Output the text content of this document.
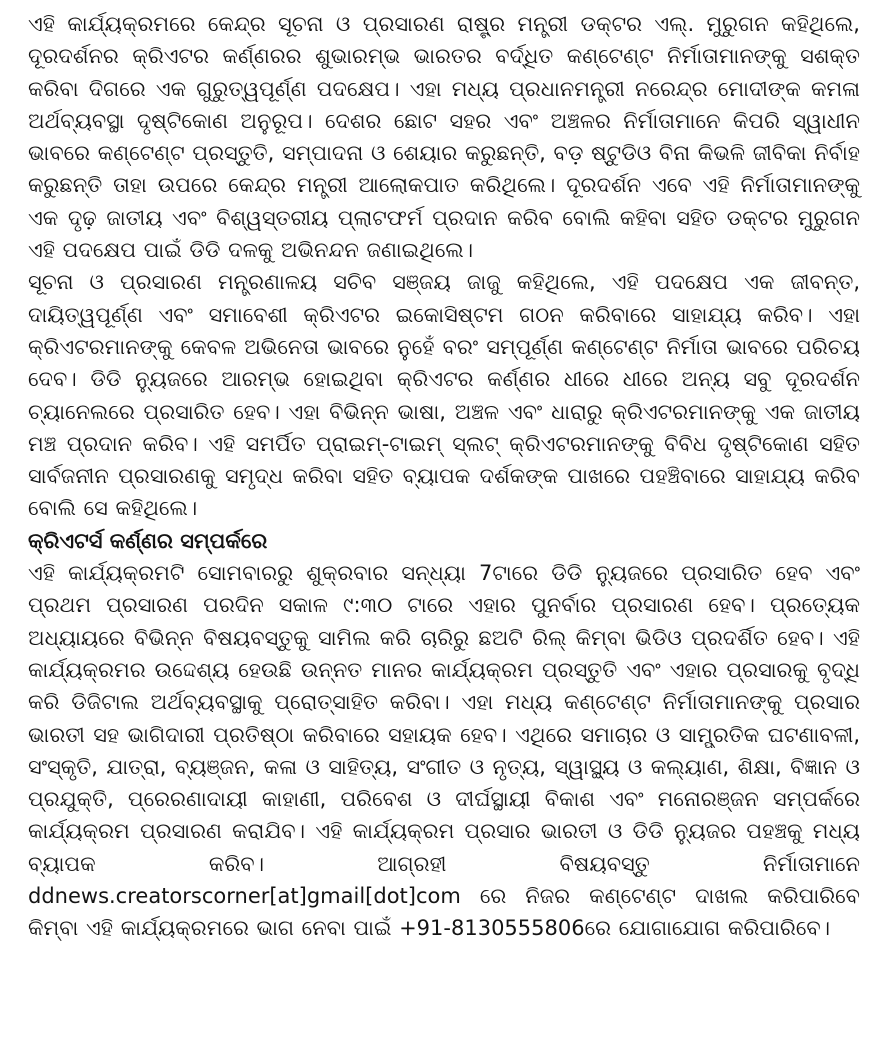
ଏହି କାର୍ଯ୍ୟକ୍ରମରେ କେନ୍ଦ୍ର ସୂଚନା ଓ ପ୍ରସାରଣ ରାଷ୍ଟ୍ର ମନ୍ତ୍ରୀ ଡକ୍ଟର ଏଲ୍. ମୁରୁଗନ କହିଥିଲେ, ଦୂରଦର୍ଶନର କ୍ରିଏଟର କର୍ଣ୍ଣରର ଶୁଭାରମ୍ଭ ଭାରତର ବର୍ଦ୍ଧିତ କଣ୍ଟେଣ୍ଟ ନିର୍ମାତାମାନଙ୍କୁ ସଶକ୍ତ କରିବା ଦିଗରେ ଏକ ଗୁରୁତ୍ୱପୂର୍ଣ୍ଣ ପଦକ୍ଷେପ। ଏହା ମଧ୍ୟ ପ୍ରଧାନମନ୍ତ୍ରୀ ନରେନ୍ଦ୍ର ମୋଦୀଙ୍କ କମଳା ଅର୍ଥବ୍ୟବସ୍ଥା ଦୃଷ୍ଟିକୋଣ ଅନୁରୂପ। ଦେଶର ଛୋଟ ସହର ଏବଂ ଅଞ୍ଚଳର ନିର୍ମାତାମାନେ କିପରି ସ୍ୱାଧୀନ ଭାବରେ କଣ୍ଟେଣ୍ଟ ପ୍ରସ୍ତୁତି, ସମ୍ପାଦନା ଓ ଶେୟାର କରୁଛନ୍ତି, ବଡ଼ ଷ୍ଟୁଡିଓ ବିନା କିଭଳି ଜୀବିକା ନିର୍ବାହ କରୁଛନ୍ତି ତାହା ଉପରେ କେନ୍ଦ୍ର ମନ୍ତ୍ରୀ ଆଲୋକପାତ କରିଥିଲେ। ଦୂରଦର୍ଶନ ଏବେ ଏହି ନିର୍ମାତାମାନଙ୍କୁ ଏକ ଦୃଢ଼ ଜାତୀୟ ଏବଂ ବିଶ୍ୱସ୍ତରୀୟ ପ୍ଲାଟଫର୍ମ ପ୍ରଦାନ କରିବ ବୋଲି କହିବା ସହିତ ଡକ୍ଟର ମୁରୁଗନ ଏହି ପଦକ୍ଷେପ ପାଇଁ ଡିଡି ଦଳକୁ ଅଭିନନ୍ଦନ ଜଣାଇଥିଲେ।

ସୂଚନା ଓ ପ୍ରସାରଣ ମନ୍ତ୍ରଣାଳୟ ସଚିବ ସଞ୍ଜୟ ଜାଜୁ କହିଥିଲେ, ଏହି ପଦକ୍ଷେପ ଏକ ଜୀବନ୍ତ, ଦାୟିତ୍ୱପୂର୍ଣ୍ଣ ଏବଂ ସମାବେଶୀ କ୍ରିଏଟର ଇକୋସିଷ୍ଟମ ଗଠନ କରିବାରେ ସାହାଯ୍ୟ କରିବ। ଏହା କ୍ରିଏଟରମାନଙ୍କୁ କେବଳ ଅଭିନେତା ଭାବରେ ନୁହେଁ ବରଂ ସମ୍ପୂର୍ଣ୍ଣ କଣ୍ଟେଣ୍ଟ ନିର୍ମାତା ଭାବରେ ପରିଚୟ ଦେବ। ଡିଡି ନ୍ୟୁଜରେ ଆରମ୍ଭ ହୋଇଥିବା କ୍ରିଏଟର କର୍ଣ୍ଣର ଧୀରେ ଧୀରେ ଅନ୍ୟ ସବୁ ଦୂରଦର୍ଶନ ଚ୍ୟାନେଲରେ ପ୍ରସାରିତ ହେବ। ଏହା ବିଭିନ୍ନ ଭାଷା, ଅଞ୍ଚଳ ଏବଂ ଧାରାରୁ କ୍ରିଏଟରମାନଙ୍କୁ ଏକ ଜାତୀୟ ମଞ୍ଚ ପ୍ରଦାନ କରିବ। ଏହି ସମର୍ପିତ ପ୍ରାଇମ୍-ଟାଇମ୍ ସ୍ଲଟ୍ କ୍ରିଏଟରମାନଙ୍କୁ ବିବିଧ ଦୃଷ୍ଟିକୋଣ ସହିତ ସାର୍ବଜନୀନ ପ୍ରସାରଣକୁ ସମୃଦ୍ଧ କରିବା ସହିତ ବ୍ୟାପକ ଦର୍ଶକଙ୍କ ପାଖରେ ପହଞ୍ଚିବାରେ ସାହାଯ୍ୟ କରିବ ବୋଲି ସେ କହିଥିଲେ।

କ୍ରିଏଟର୍ସ କର୍ଣ୍ଣର ସମ୍ପର୍କରେ

ଏହି କାର୍ଯ୍ୟକ୍ରମଟି ସୋମବାରରୁ ଶୁକ୍ରବାର ସନ୍ଧ୍ୟା 7ଟାରେ ଡିଡି ନ୍ୟୁଜରେ ପ୍ରସାରିତ ହେବ ଏବଂ ପ୍ରଥମ ପ୍ରସାରଣ ପରଦିନ ସକାଳ ୯:୩୦ ଟାରେ ଏହାର ପୁନର୍ବାର ପ୍ରସାରଣ ହେବ। ପ୍ରତ୍ୟେକ ଅଧ୍ୟାୟରେ ବିଭିନ୍ନ ବିଷୟବସ୍ତୁକୁ ସାମିଲ କରି ଚାରିରୁ ଛଅଟି ରିଲ୍ କିମ୍ବା ଭିଡିଓ ପ୍ରଦର୍ଶିତ ହେବ। ଏହି କାର୍ଯ୍ୟକ୍ରମର ଉଦ୍ଦେଶ୍ୟ ହେଉଛି ଉନ୍ନତ ମାନର କାର୍ଯ୍ୟକ୍ରମ ପ୍ରସ୍ତୁତି ଏବଂ ଏହାର ପ୍ରସାରକୁ ବୃଦ୍ଧି କରି ଡିଜିଟାଲ ଅର୍ଥବ୍ୟବସ୍ଥାକୁ ପ୍ରୋତ୍ସାହିତ କରିବା। ଏହା ମଧ୍ୟ କଣ୍ଟେଣ୍ଟ ନିର୍ମାତାମାନଙ୍କୁ ପ୍ରସାର ଭାରତୀ ସହ ଭାଗିଦାରୀ ପ୍ରତିଷ୍ଠା କରିବାରେ ସହାୟକ ହେବ। ଏଥିରେ ସମାଚାର ଓ ସାମ୍ପ୍ରତିକ ଘଟଣାବଳୀ, ସଂସ୍କୃତି, ଯାତ୍ରା, ବ୍ୟଞ୍ଜନ, କଳା ଓ ସାହିତ୍ୟ, ସଂଗୀତ ଓ ନୃତ୍ୟ, ସ୍ୱାସ୍ଥ୍ୟ ଓ କଲ୍ୟାଣ, ଶିକ୍ଷା, ବିଜ୍ଞାନ ଓ ପ୍ରଯୁକ୍ତି, ପ୍ରେରଣାଦାୟୀ କାହାଣୀ, ପରିବେଶ ଓ ଦୀର୍ଘସ୍ଥାୟୀ ବିକାଶ ଏବଂ ମନୋରଞ୍ଜନ ସମ୍ପର୍କରେ କାର୍ଯ୍ୟକ୍ରମ ପ୍ରସାରଣ କରାଯିବ। ଏହି କାର୍ଯ୍ୟକ୍ରମ ପ୍ରସାର ଭାରତୀ ଓ ଡିଡି ନ୍ୟୁଜର ପହଞ୍ଚକୁ ମଧ୍ୟ ବ୍ୟାପକ କରିବ। ଆଗ୍ରହୀ ବିଷୟବସ୍ତୁ ନିର୍ମାତାମାନେ ddnews.creatorscorner[at]gmail[dot]com ରେ ନିଜର କଣ୍ଟେଣ୍ଟ ଦାଖଲ କରିପାରିବେ କିମ୍ବା ଏହି କାର୍ଯ୍ୟକ୍ରମରେ ଭାଗ ନେବା ପାଇଁ +91-8130555806ରେ ଯୋଗାଯୋଗ କରିପାରିବେ।
